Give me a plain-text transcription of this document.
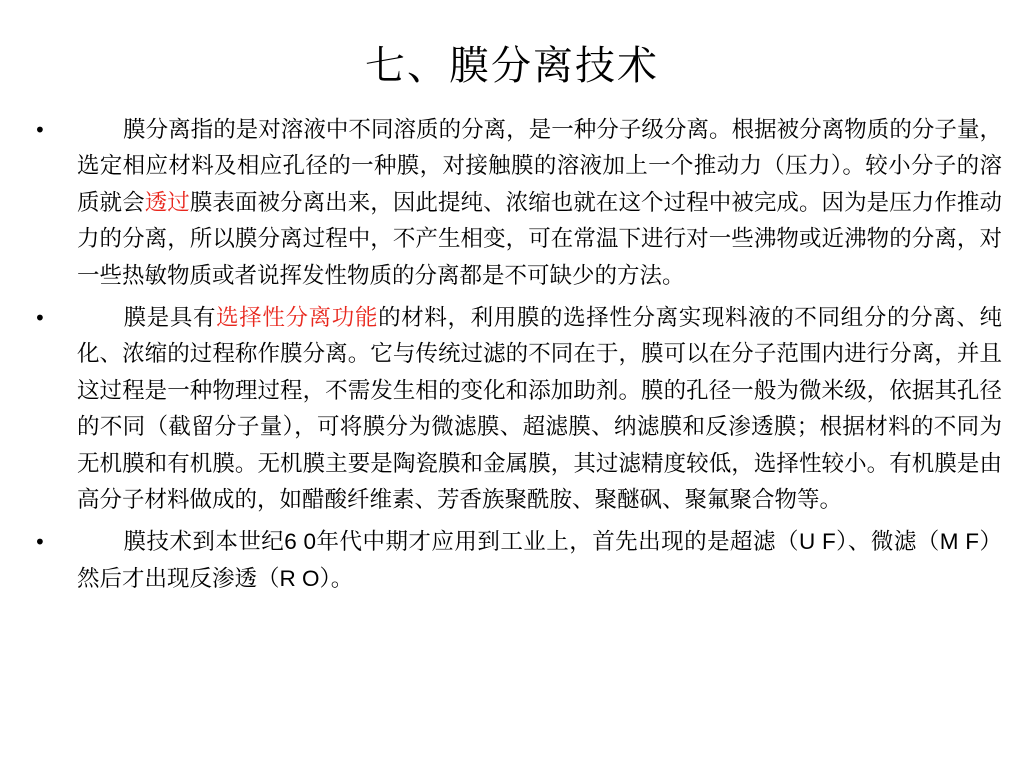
七、膜分离技术
•	膜分离指的是对溶液中不同溶质的分离，是一种分子级分离。根据被分离物质的分子量，选定相应材料及相应孔径的一种膜，对接触膜的溶液加上一个推动力（压力）。较小分子的溶质就会透过膜表面被分离出来，因此提纯、浓缩也就在这个过程中被完成。因为是压力作推动力的分离，所以膜分离过程中，不产生相变，可在常温下进行对一些沸物或近沸物的分离，对一些热敏物质或者说挥发性物质的分离都是不可缺少的方法。
•	膜是具有选择性分离功能的材料，利用膜的选择性分离实现料液的不同组分的分离、纯化、浓缩的过程称作膜分离。它与传统过滤的不同在于，膜可以在分子范围内进行分离，并且这过程是一种物理过程，不需发生相的变化和添加助剂。膜的孔径一般为微米级，依据其孔径的不同（截留分子量），可将膜分为微滤膜、超滤膜、纳滤膜和反渗透膜；根据材料的不同为无机膜和有机膜。无机膜主要是陶瓷膜和金属膜，其过滤精度较低，选择性较小。有机膜是由高分子材料做成的，如醋酸纤维素、芳香族聚酰胺、聚醚砜、聚氟聚合物等。
•	膜技术到本世纪6 0年代中期才应用到工业上，首先出现的是超滤（U F）、微滤（M F）然后才出现反渗透（R O）。
